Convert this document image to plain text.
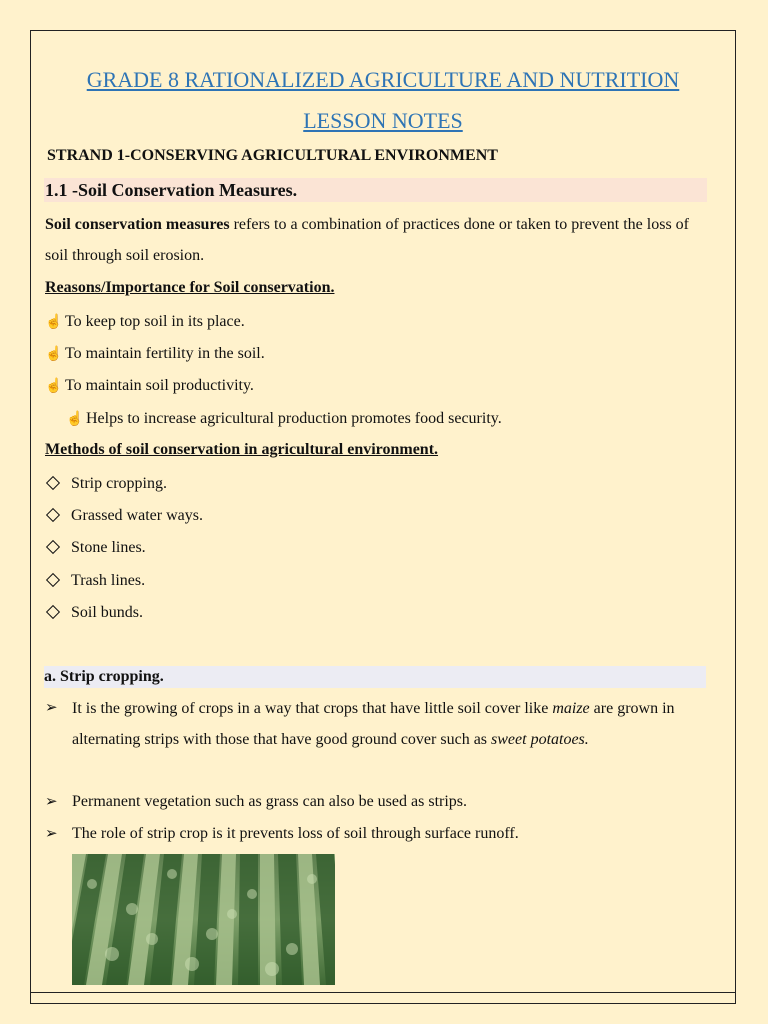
GRADE 8 RATIONALIZED AGRICULTURE AND NUTRITION
LESSON NOTES
STRAND 1-CONSERVING AGRICULTURAL ENVIRONMENT
1.1 -Soil Conservation Measures.
Soil conservation measures refers to a combination of practices done or taken to prevent the loss of soil through soil erosion.
Reasons/Importance for Soil conservation.
☝ To keep top soil in its place.
☝ To maintain fertility in the soil.
☝ To maintain soil productivity.
☝ Helps to increase agricultural production promotes food security.
Methods of soil conservation in agricultural environment.
Strip cropping.
Grassed water ways.
Stone lines.
Trash lines.
Soil bunds.
a. Strip cropping.
➢ It is the growing of crops in a way that crops that have little soil cover like maize are grown in alternating strips with those that have good ground cover such as sweet potatoes.
➢ Permanent vegetation such as grass can also be used as strips.
➢ The role of strip crop is it prevents loss of soil through surface runoff.
